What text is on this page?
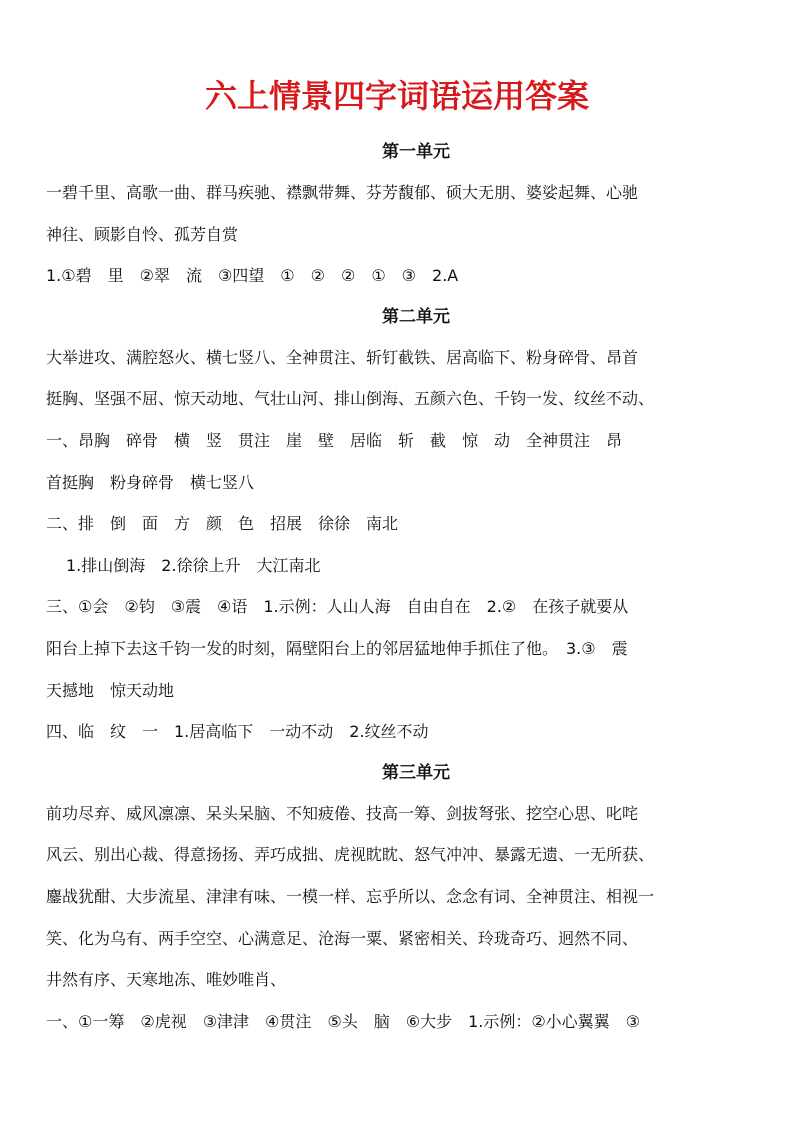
六上情景四字词语运用答案
第一单元

一碧千里、高歌一曲、群马疾驰、襟飘带舞、芬芳馥郁、硕大无朋、婆娑起舞、心驰

神往、顾影自怜、孤芳自赏

1.①碧　里　②翠　流　③四望　①　②　②　①　③　2.A

第二单元

大举进攻、满腔怒火、横七竖八、全神贯注、斩钉截铁、居高临下、粉身碎骨、昂首

挺胸、坚强不屈、惊天动地、气壮山河、排山倒海、五颜六色、千钧一发、纹丝不动、

一、昂胸　碎骨　横　竖　贯注　崖　壁　居临　斩　截　惊　动　全神贯注　昂

首挺胸　粉身碎骨　横七竖八

二、排　倒　面　方　颜　色　招展　徐徐　南北

1.排山倒海　2.徐徐上升　大江南北

三、①会　②钧　③震　④语　1.示例：人山人海　自由自在　2.②　在孩子就要从

阳台上掉下去这千钧一发的时刻，隔壁阳台上的邻居猛地伸手抓住了他。　3.③　震

天撼地　惊天动地

四、临　纹　一　1.居高临下　一动不动　2.纹丝不动

第三单元

前功尽弃、威风凛凛、呆头呆脑、不知疲倦、技高一筹、剑拔弩张、挖空心思、叱咤

风云、别出心裁、得意扬扬、弄巧成拙、虎视眈眈、怒气冲冲、暴露无遗、一无所获、

鏖战犹酣、大步流星、津津有味、一模一样、忘乎所以、念念有词、全神贯注、相视一

笑、化为乌有、两手空空、心满意足、沧海一粟、紧密相关、玲珑奇巧、迥然不同、

井然有序、天寒地冻、唯妙唯肖、

一、①一筹　②虎视　③津津　④贯注　⑤头　脑　⑥大步　1.示例：②小心翼翼　③
